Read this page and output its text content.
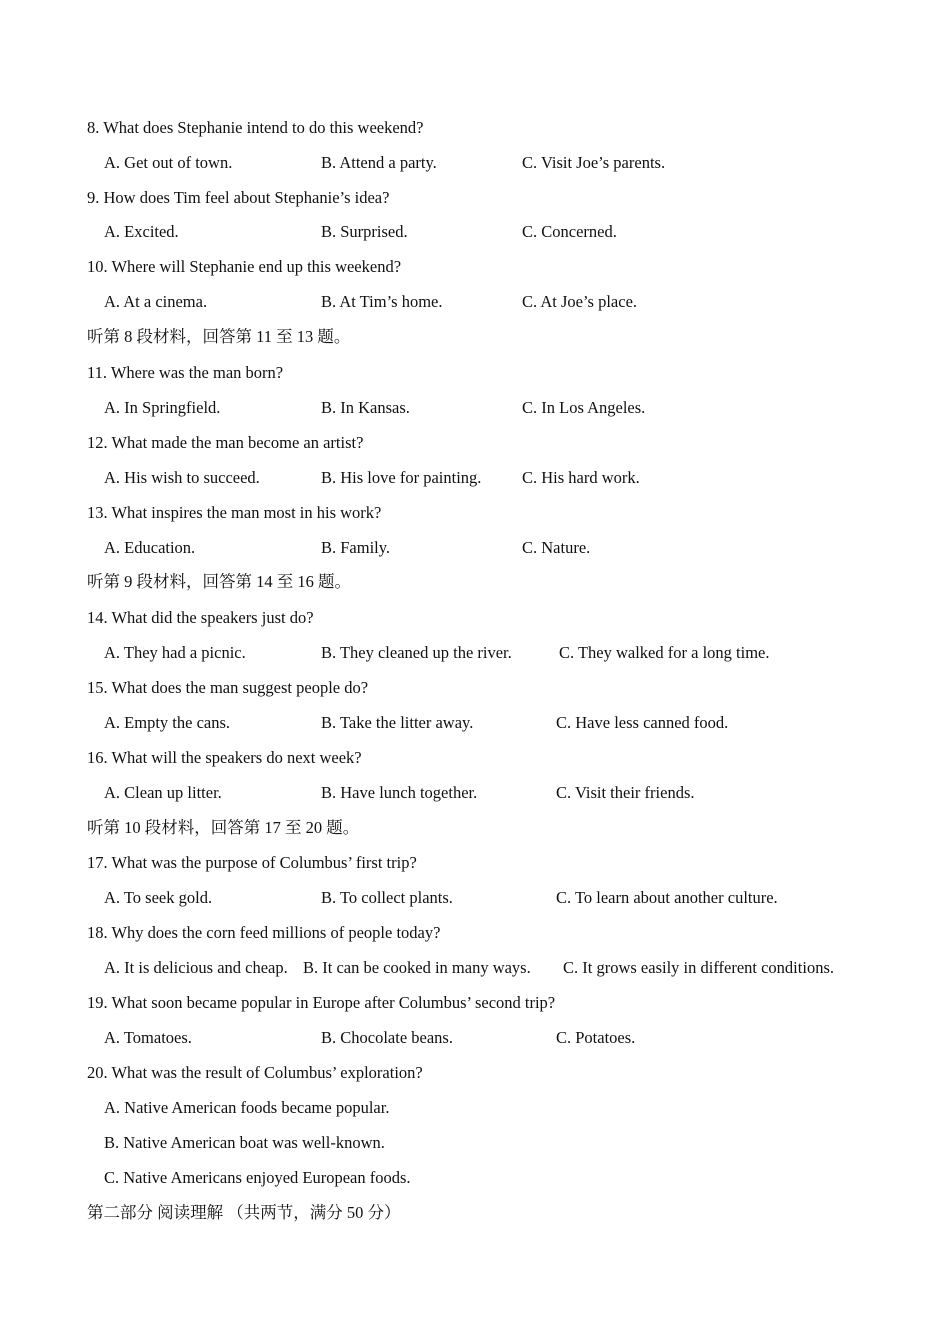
8. What does Stephanie intend to do this weekend?
A. Get out of town.	B. Attend a party.	C. Visit Joe’s parents.
9. How does Tim feel about Stephanie’s idea?
A. Excited.	B. Surprised.	C. Concerned.
10. Where will Stephanie end up this weekend?
A. At a cinema.	B. At Tim’s home.	C. At Joe’s place.
听第 8 段材料，回答第 11 至 13 题。
11. Where was the man born?
A. In Springfield.	B. In Kansas.	C. In Los Angeles.
12. What made the man become an artist?
A. His wish to succeed.	B. His love for painting. C. His hard work.
13. What inspires the man most in his work?
A. Education.	B. Family.	C. Nature.
听第 9 段材料，回答第 14 至 16 题。
14. What did the speakers just do?
A. They had a picnic.	B. They cleaned up the river.	C. They walked for a long time.
15. What does the man suggest people do?
A. Empty the cans.	B. Take the litter away.	C. Have less canned food.
16. What will the speakers do next week?
A. Clean up litter.	B. Have lunch together.	C. Visit their friends.
听第 10 段材料，回答第 17 至 20 题。
17. What was the purpose of Columbus’ first trip?
A. To seek gold.	B. To collect plants.	C. To learn about another culture.
18. Why does the corn feed millions of people today?
A. It is delicious and cheap. B. It can be cooked in many ways. C. It grows easily in different conditions.
19. What soon became popular in Europe after Columbus’ second trip?
A. Tomatoes.	B. Chocolate beans.	C. Potatoes.
20. What was the result of Columbus’ exploration?
A. Native American foods became popular.
B. Native American boat was well-known.
C. Native Americans enjoyed European foods.
第二部分 阅读理解 （共两节，满分 50 分）
